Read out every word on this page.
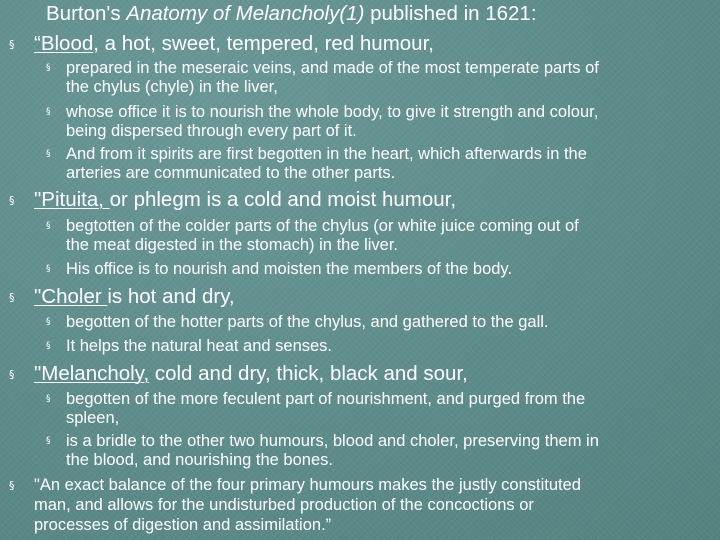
Burton's Anatomy of Melancholy(1) published in 1621:
§ “Blood, a hot, sweet, tempered, red humour,
§ prepared in the meseraic veins, and made of the most temperate parts of
the chylus (chyle) in the liver,
§ whose office it is to nourish the whole body, to give it strength and colour,
being dispersed through every part of it.
§ And from it spirits are first begotten in the heart, which afterwards in the
arteries are communicated to the other parts.
§ "Pituita, or phlegm is a cold and moist humour,
§ begtotten of the colder parts of the chylus (or white juice coming out of
the meat digested in the stomach) in the liver.
§ His office is to nourish and moisten the members of the body.
§ "Choler is hot and dry,
§ begotten of the hotter parts of the chylus, and gathered to the gall.
§ It helps the natural heat and senses.
§ "Melancholy, cold and dry, thick, black and sour,
§ begotten of the more feculent part of nourishment, and purged from the
spleen,
§ is a bridle to the other two humours, blood and choler, preserving them in
the blood, and nourishing the bones.
§ "An exact balance of the four primary humours makes the justly constituted
man, and allows for the undisturbed production of the concoctions or
processes of digestion and assimilation.”
